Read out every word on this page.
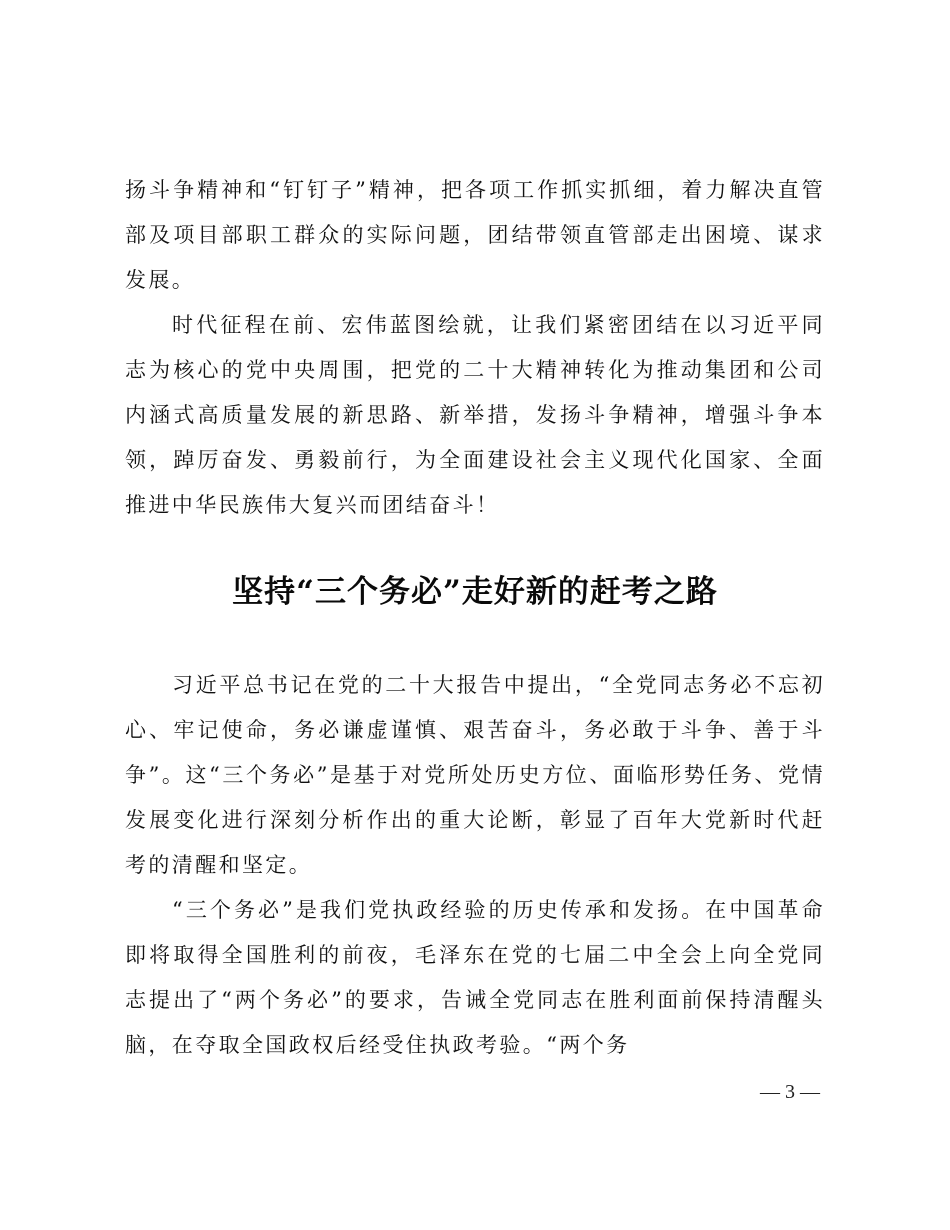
扬斗争精神和“钉钉子”精神，把各项工作抓实抓细，着力解决直管部及项目部职工群众的实际问题，团结带领直管部走出困境、谋求发展。

时代征程在前、宏伟蓝图绘就，让我们紧密团结在以习近平同志为核心的党中央周围，把党的二十大精神转化为推动集团和公司内涵式高质量发展的新思路、新举措，发扬斗争精神，增强斗争本领，踔厉奋发、勇毅前行，为全面建设社会主义现代化国家、全面推进中华民族伟大复兴而团结奋斗！

坚持“三个务必”走好新的赶考之路

习近平总书记在党的二十大报告中提出，“全党同志务必不忘初心、牢记使命，务必谦虚谨慎、艰苦奋斗，务必敢于斗争、善于斗争”。这“三个务必”是基于对党所处历史方位、面临形势任务、党情发展变化进行深刻分析作出的重大论断，彰显了百年大党新时代赶考的清醒和坚定。

“三个务必”是我们党执政经验的历史传承和发扬。在中国革命即将取得全国胜利的前夜，毛泽东在党的七届二中全会上向全党同志提出了“两个务必”的要求，告诫全党同志在胜利面前保持清醒头脑，在夺取全国政权后经受住执政考验。“两个务

— 3 —
